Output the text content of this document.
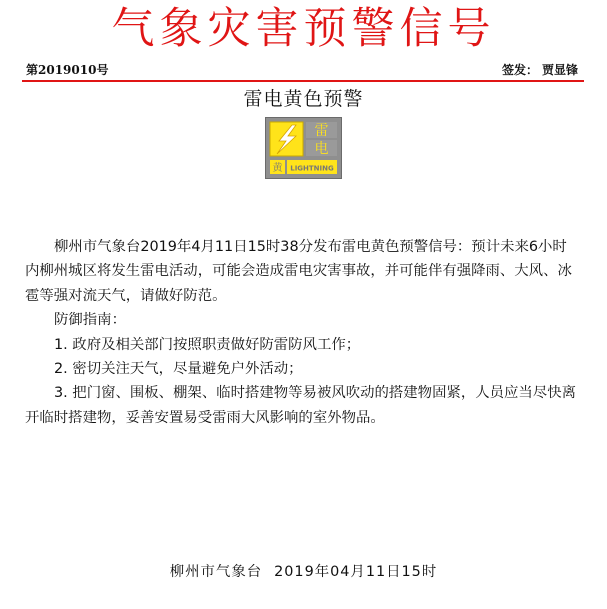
气象灾害预警信号
第2019010号	签发： 贾显锋
雷电黄色预警
雷
电
黄 LIGHTNING

柳州市气象台2019年4月11日15时38分发布雷电黄色预警信号：预计未来6小时内柳州城区将发生雷电活动，可能会造成雷电灾害事故，并可能伴有强降雨、大风、冰雹等强对流天气，请做好防范。

防御指南：

1. 政府及相关部门按照职责做好防雷防风工作；

2. 密切关注天气，尽量避免户外活动；

3. 把门窗、围板、棚架、临时搭建物等易被风吹动的搭建物固紧，人员应当尽快离开临时搭建物，妥善安置易受雷雨大风影响的室外物品。

柳州市气象台 2019年04月11日15时
